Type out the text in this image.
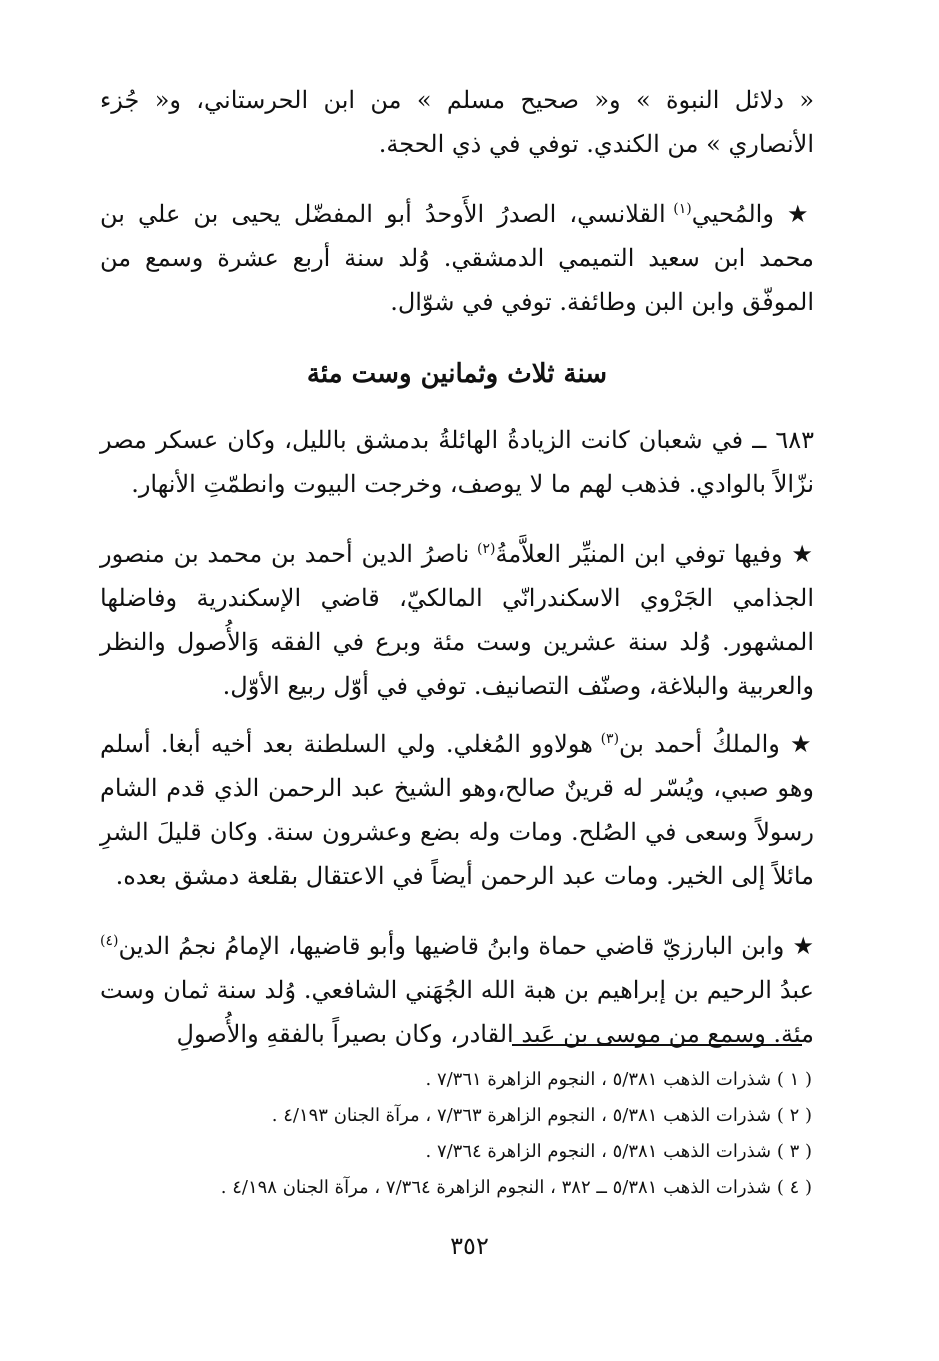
« دلائل النبوة » و« صحيح مسلم » من ابن الحرستاني، و« جُزء الأنصاري » من الكندي. توفي في ذي الحجة.

★ والمُحيي$^{(١)}$ القلانسي، الصدرُ الأَوحدُ أبو المفضّل يحيى بن علي بن محمد ابن سعيد التميمي الدمشقي. وُلد سنة أربع عشرة وسمع من الموفّق وابن البن وطائفة. توفي في شوّال.

سنة ثلاث وثمانين وست مئة

٦٨٣ ــ في شعبان كانت الزيادةُ الهائلةُ بدمشق بالليل، وكان عسكر مصر نزّالاً بالوادي. فذهب لهم ما لا يوصف، وخرجت البيوت وانطمّتِ الأنهار.

★ وفيها توفي ابن المنيِّر العلاَّمةُ$^{(٢)}$ ناصرُ الدين أحمد بن محمد بن منصور الجذامي الجَرْوي الاسكندرانّي المالكيّ، قاضي الإسكندرية وفاضلها المشهور. وُلد سنة عشرين وست مئة وبرع في الفقه وَالأُصول والنظر والعربية والبلاغة، وصنّف التصانيف. توفي في أوّل ربيع الأوّل.

★ والملكُ أحمد بن$^{(٣)}$ هولاوو المُغلي. ولي السلطنة بعد أخيه أبغا. أسلم وهو صبي، ويُسّر له قرينٌ صالح،وهو الشيخ عبد الرحمن الذي قدم الشام رسولاً وسعى في الصُلح. ومات وله بضع وعشرون سنة. وكان قليلَ الشرِ مائلاً إلى الخير. ومات عبد الرحمن أيضاً في الاعتقال بقلعة دمشق بعده.

★ وابن البارزيّ قاضي حماة وابنُ قاضيها وأبو قاضيها، الإمامُ نجمُ الدين$^{(٤)}$ عبدُ الرحيم بن إبراهيم بن هبة الله الجُهَني الشافعي. وُلد سنة ثمان وست مئة. وسمع من موسى بن عَبد القادر، وكان بصيراً بالفقهِ والأُصولِ

( ١ ) شذرات الذهب ٥/٣٨١ ، النجوم الزاهرة ٧/٣٦١ .

( ٢ ) شذرات الذهب ٥/٣٨١ ، النجوم الزاهرة ٧/٣٦٣ ، مرآة الجنان ٤/١٩٣ .

( ٣ ) شذرات الذهب ٥/٣٨١ ، النجوم الزاهرة ٧/٣٦٤ .

( ٤ ) شذرات الذهب ٥/٣٨١ ــ ٣٨٢ ، النجوم الزاهرة ٧/٣٦٤ ، مرآة الجنان ٤/١٩٨ .

٣٥٢
